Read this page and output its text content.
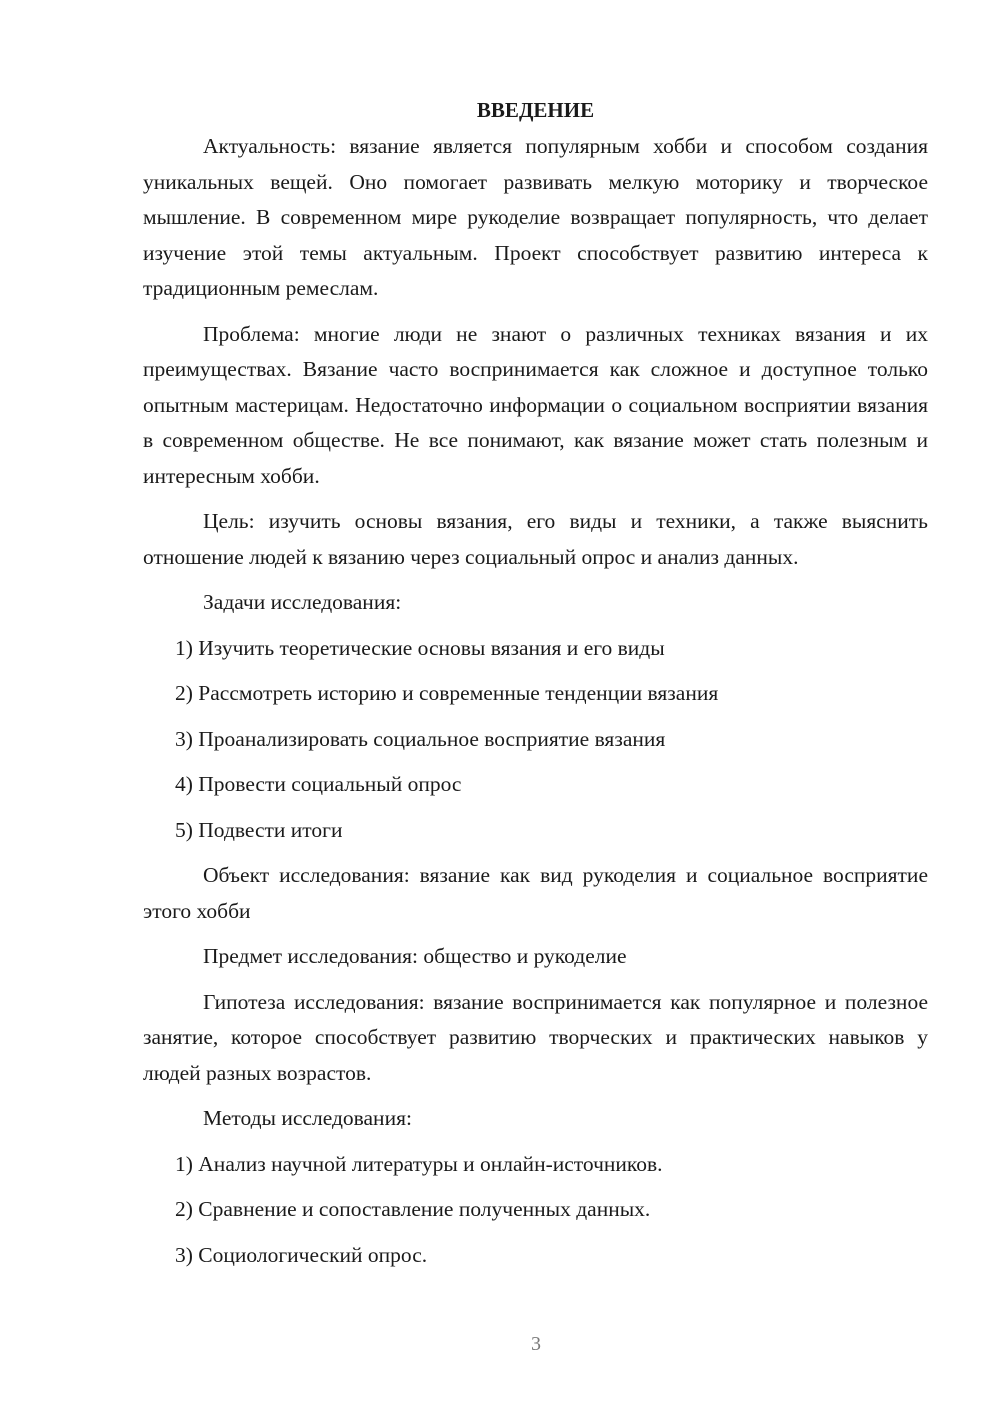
ВВЕДЕНИЕ

Актуальность: вязание является популярным хобби и способом создания уникальных вещей. Оно помогает развивать мелкую моторику и творческое мышление. В современном мире рукоделие возвращает популярность, что делает изучение этой темы актуальным. Проект способствует развитию интереса к традиционным ремеслам.

Проблема: многие люди не знают о различных техниках вязания и их преимуществах. Вязание часто воспринимается как сложное и доступное только опытным мастерицам. Недостаточно информации о социальном восприятии вязания в современном обществе. Не все понимают, как вязание может стать полезным и интересным хобби.

Цель: изучить основы вязания, его виды и техники, а также выяснить отношение людей к вязанию через социальный опрос и анализ данных.

Задачи исследования:

1) Изучить теоретические основы вязания и его виды

2) Рассмотреть историю и современные тенденции вязания

3) Проанализировать социальное восприятие вязания

4) Провести социальный опрос

5) Подвести итоги

Объект исследования: вязание как вид рукоделия и социальное восприятие этого хобби

Предмет исследования: общество и рукоделие

Гипотеза исследования: вязание воспринимается как популярное и полезное занятие, которое способствует развитию творческих и практических навыков у людей разных возрастов.

Методы исследования:

1) Анализ научной литературы и онлайн-источников.

2) Сравнение и сопоставление полученных данных.

3) Социологический опрос.

3
